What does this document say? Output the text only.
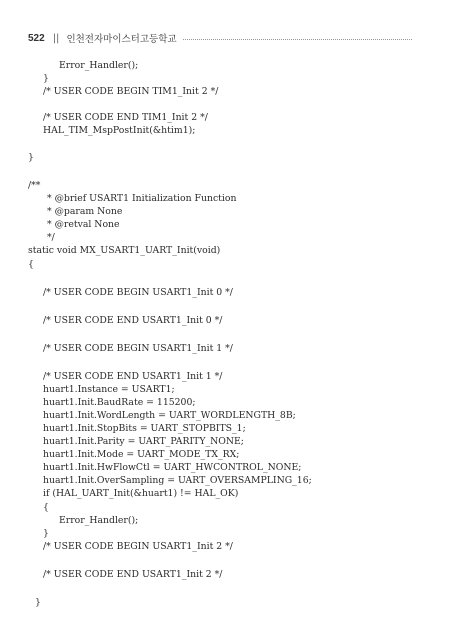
522 || 인천전자마이스터고등학교
Error_Handler();
}
/* USER CODE BEGIN TIM1_Init 2 */
/* USER CODE END TIM1_Init 2 */
HAL_TIM_MspPostInit(&htim1);
}
/**
* @brief USART1 Initialization Function
* @param None
* @retval None
*/
static void MX_USART1_UART_Init(void)
{
/* USER CODE BEGIN USART1_Init 0 */
/* USER CODE END USART1_Init 0 */
/* USER CODE BEGIN USART1_Init 1 */
/* USER CODE END USART1_Init 1 */
huart1.Instance = USART1;
huart1.Init.BaudRate = 115200;
huart1.Init.WordLength = UART_WORDLENGTH_8B;
huart1.Init.StopBits = UART_STOPBITS_1;
huart1.Init.Parity = UART_PARITY_NONE;
huart1.Init.Mode = UART_MODE_TX_RX;
huart1.Init.HwFlowCtl = UART_HWCONTROL_NONE;
huart1.Init.OverSampling = UART_OVERSAMPLING_16;
if (HAL_UART_Init(&huart1) != HAL_OK)
{
Error_Handler();
}
/* USER CODE BEGIN USART1_Init 2 */
/* USER CODE END USART1_Init 2 */
}
